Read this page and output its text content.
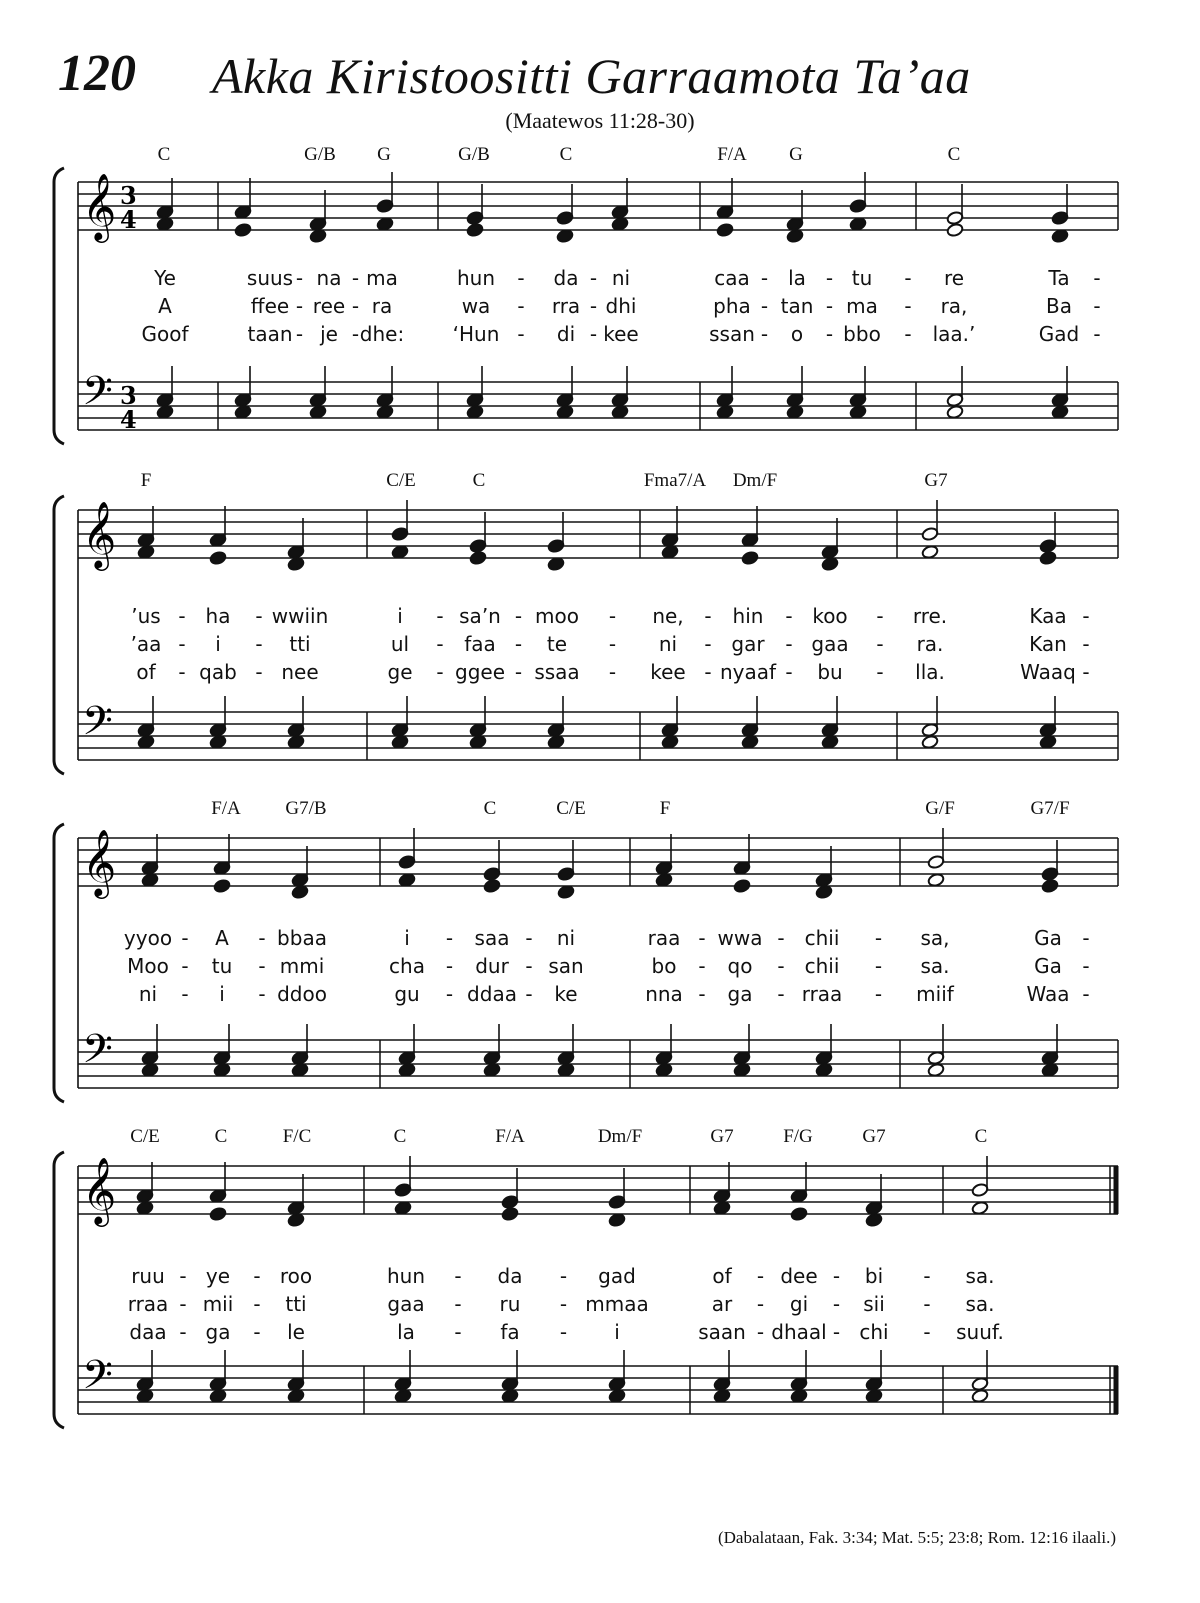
120 Akka Kiristoositti Garraamota Ta’aa
(Maatewos 11:28-30)
𝄞
𝄢
3
4
3
4
𝄞
𝄢
𝄞
𝄢
𝄞
𝄢
C	G/B G	G/B	C	F/A G	C
Ye	suus - na - ma	hun - da - ni	caa - la - tu - re	Ta -
A	ffee - ree - ra	wa - rra - dhi	pha - tan - ma - ra,	Ba -
Goof	taan - je - dhe: ‘Hun - di - kee	ssan - o - bbo - laa.’	Gad -
F	C/E	C	Fma7/A Dm/F	G7
’us - ha - wwiin	i - sa’n - moo - ne, - hin - koo - rre.	Kaa -
’aa - i - tti	ul - faa - te - ni - gar - gaa - ra.	Kan -
of - qab - nee	ge - ggee - ssaa - kee - nyaaf - bu - lla.	Waaq -
F/A G7/B	C	C/E	F	G/F	G7/F
yyoo - A - bbaa	i - saa - ni	raa - wwa - chii - sa,	Ga -
Moo - tu - mmi	cha - dur - san	bo - qo - chii - sa.	Ga -
ni - i - ddoo	gu - ddaa - ke	nna - ga - rraa - miif	Waa -
C/E	C	F/C	C	F/A	Dm/F	G7	F/G	G7	C
ruu - ye - roo	hun - da - gad	of - dee - bi - sa.
rraa - mii - tti	gaa - ru - mmaa	ar - gi - sii - sa.
daa - ga - le	la - fa - i	saan - dhaal - chi - suuf.
(Dabalataan, Fak. 3:34; Mat. 5:5; 23:8; Rom. 12:16 ilaali.)
